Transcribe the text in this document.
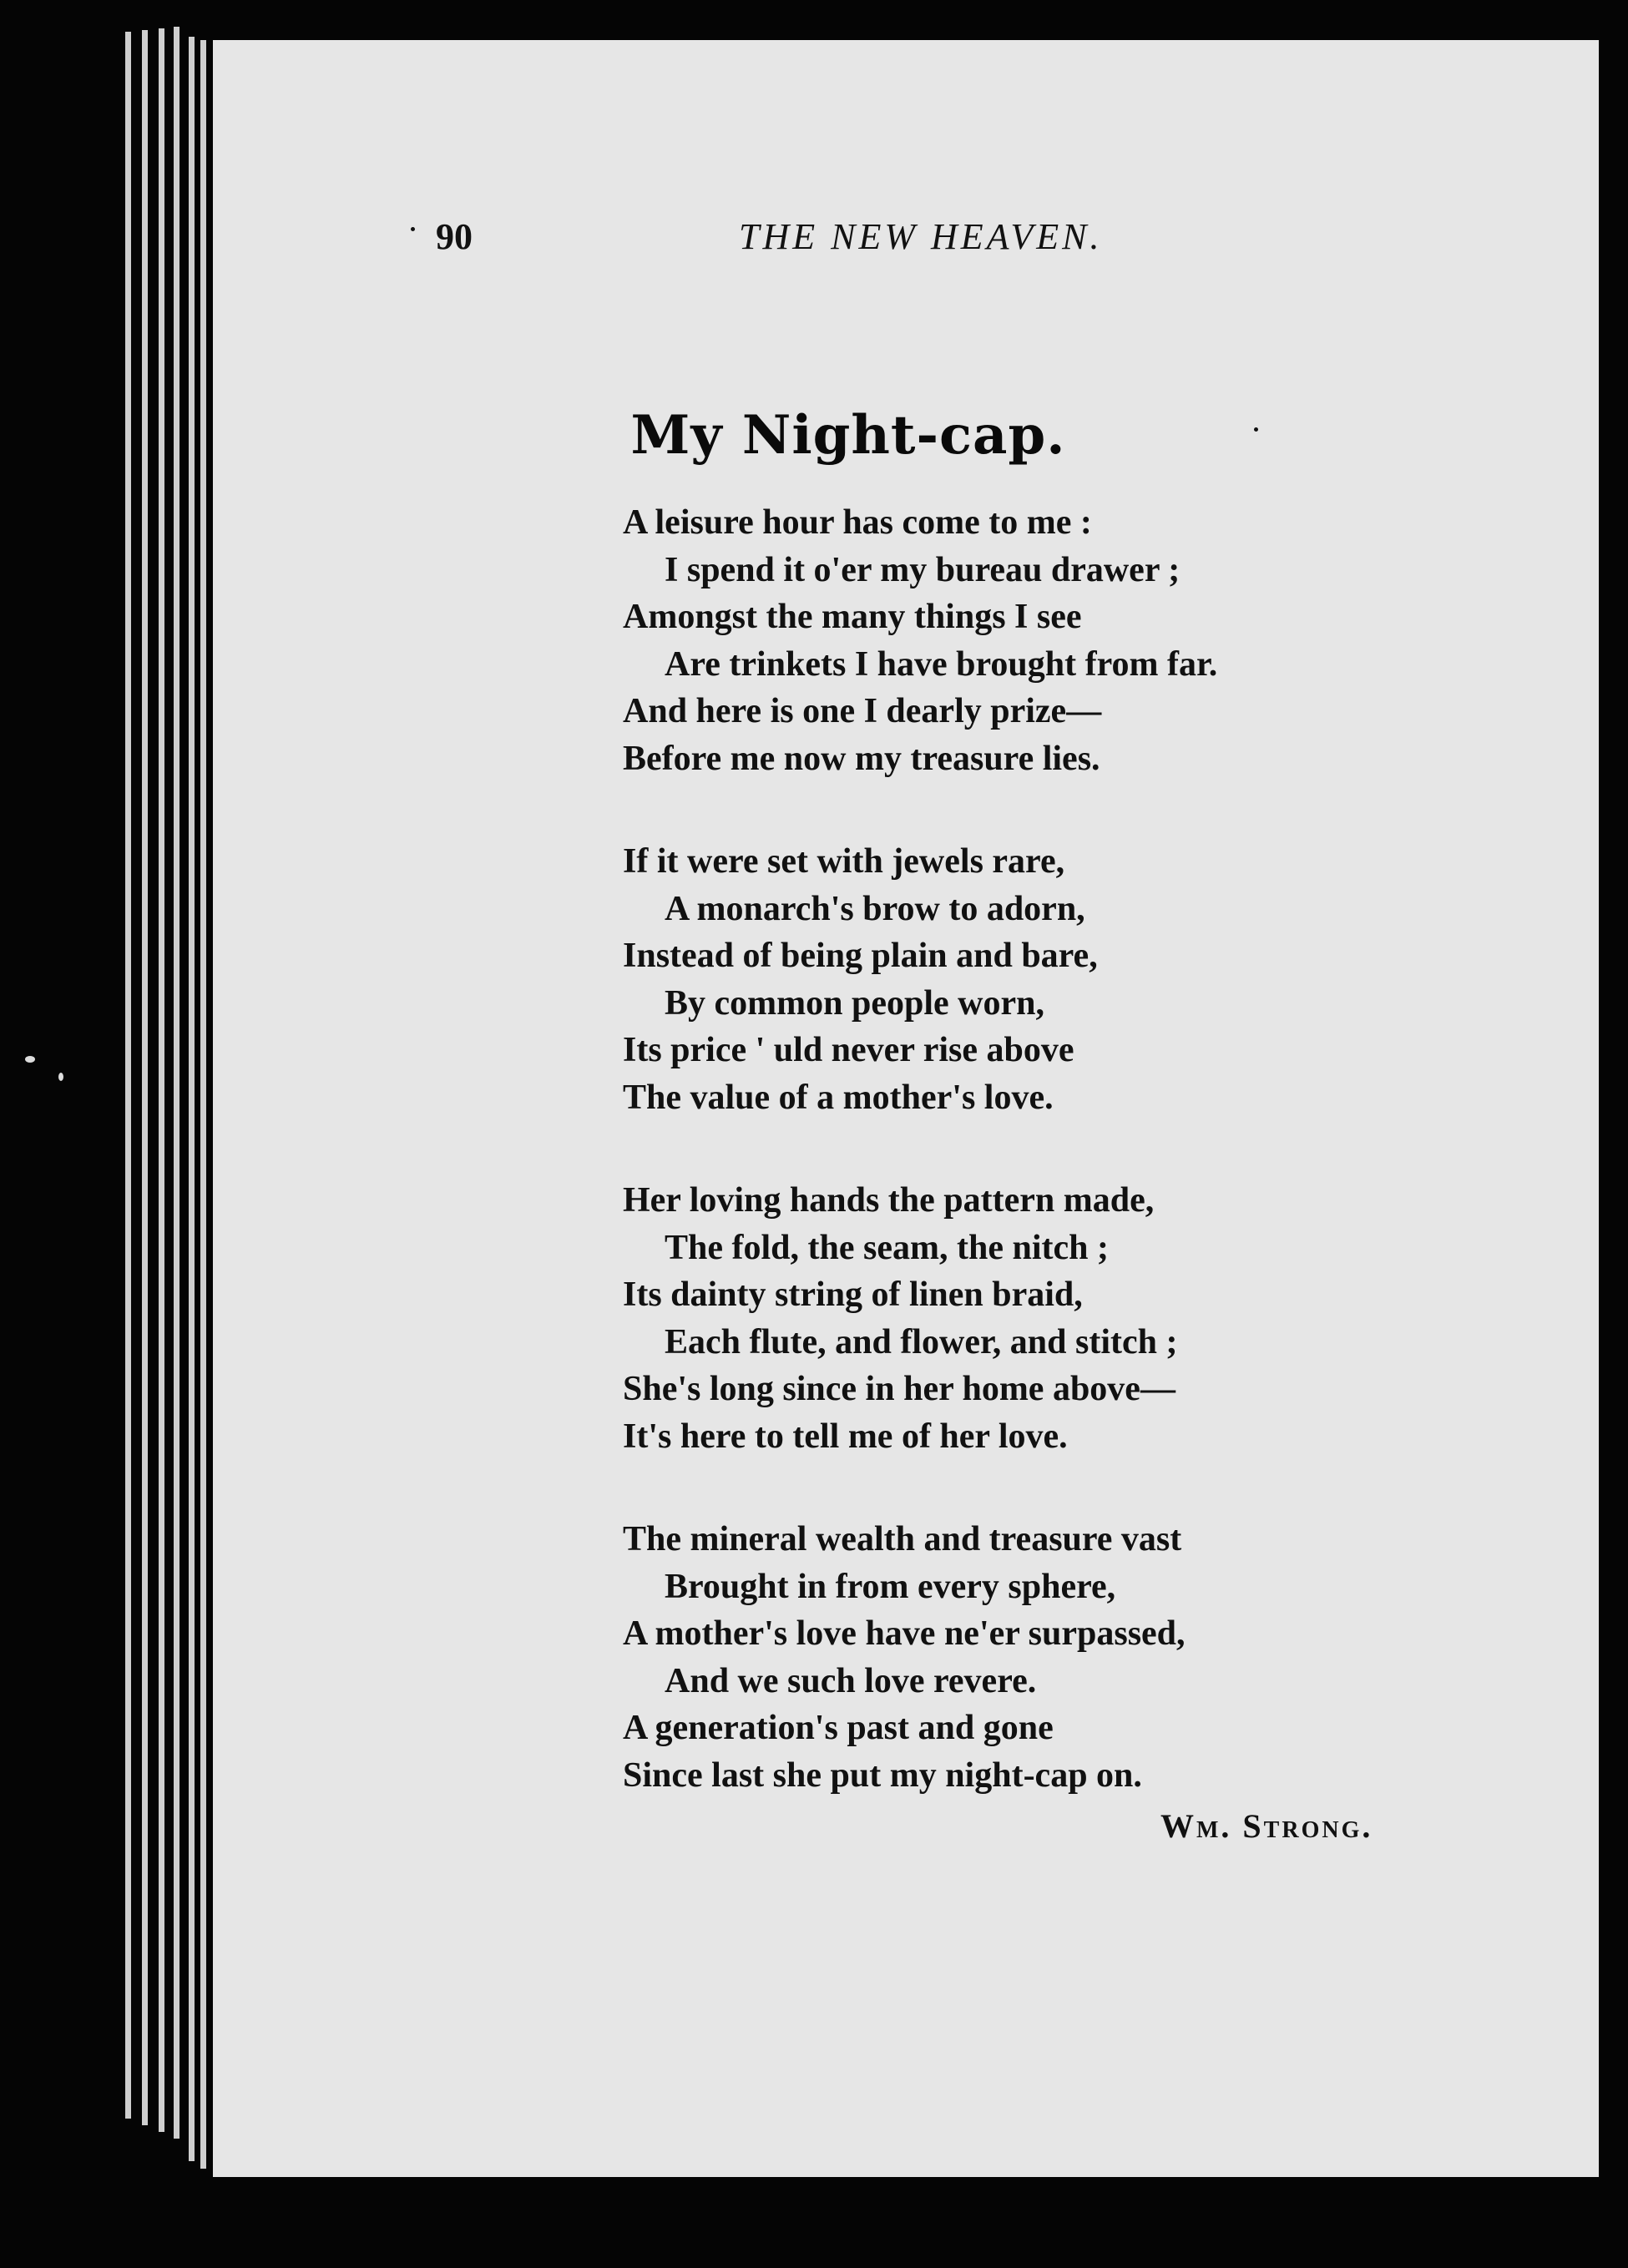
90	THE NEW HEAVEN.
My Night-cap.
A leisure hour has come to me :
I spend it o'er my bureau drawer ;
Amongst the many things I see
Are trinkets I have brought from far.
And here is one I dearly prize—
Before me now my treasure lies.
If it were set with jewels rare,
A monarch's brow to adorn,
Instead of being plain and bare,
By common people worn,
Its price ' uld never rise above
The value of a mother's love.
Her loving hands the pattern made,
The fold, the seam, the nitch ;
Its dainty string of linen braid,
Each flute, and flower, and stitch ;
She's long since in her home above—
It's here to tell me of her love.
The mineral wealth and treasure vast
Brought in from every sphere,
A mother's love have ne'er surpassed,
And we such love revere.
A generation's past and gone
Since last she put my night-cap on.
Wm. Strong.
